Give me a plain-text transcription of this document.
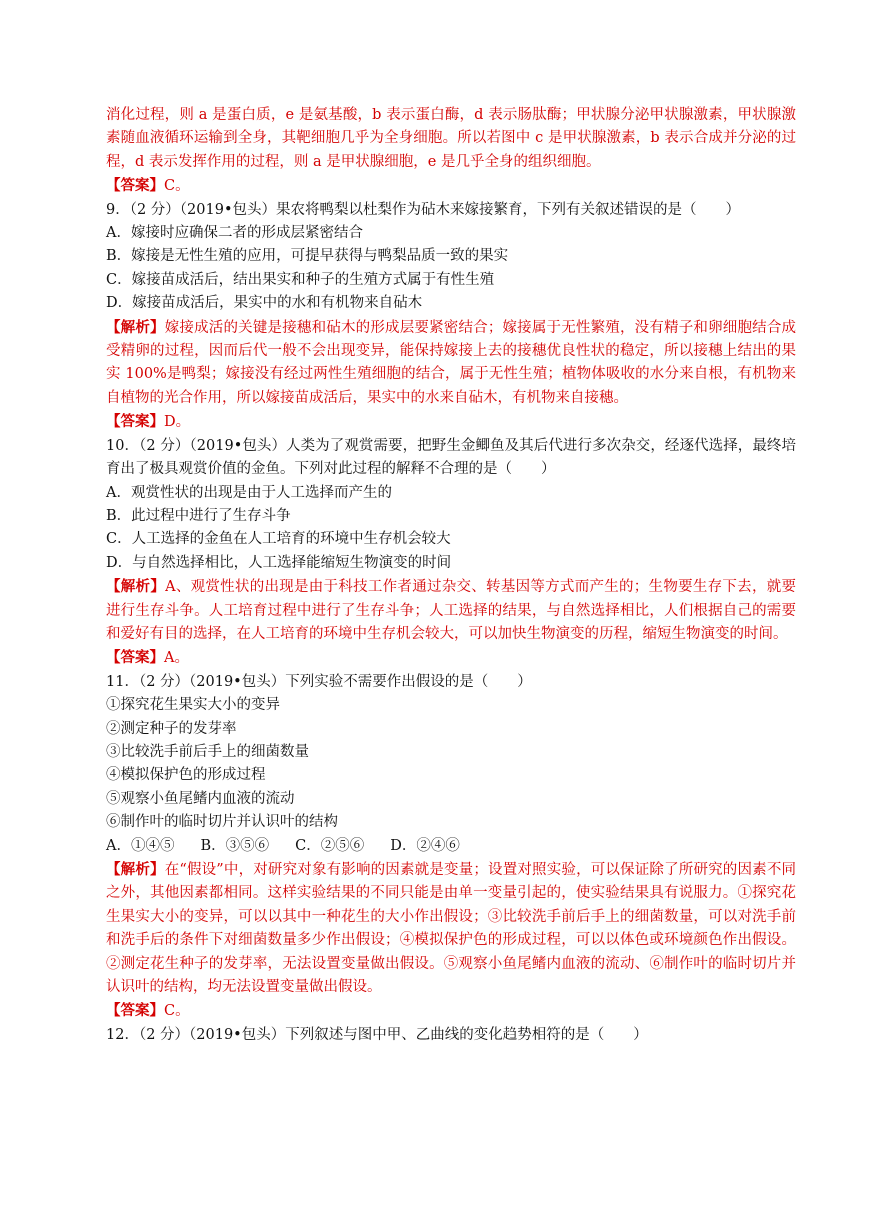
消化过程，则 a 是蛋白质，e 是氨基酸，b 表示蛋白酶，d 表示肠肽酶；甲状腺分泌甲状腺激素，甲状腺激素随血液循环运输到全身，其靶细胞几乎为全身细胞。所以若图中 c 是甲状腺激素，b 表示合成并分泌的过程，d 表示发挥作用的过程，则 a 是甲状腺细胞，e 是几乎全身的组织细胞。

【答案】C。

9．（2 分）（2019•包头）果农将鸭梨以杜梨作为砧木来嫁接繁育，下列有关叙述错误的是（　　）

A．嫁接时应确保二者的形成层紧密结合

B．嫁接是无性生殖的应用，可提早获得与鸭梨品质一致的果实

C．嫁接苗成活后，结出果实和种子的生殖方式属于有性生殖

D．嫁接苗成活后，果实中的水和有机物来自砧木

【解析】嫁接成活的关键是接穗和砧木的形成层要紧密结合；嫁接属于无性繁殖，没有精子和卵细胞结合成受精卵的过程，因而后代一般不会出现变异，能保持嫁接上去的接穗优良性状的稳定，所以接穗上结出的果实 100%是鸭梨；嫁接没有经过两性生殖细胞的结合，属于无性生殖；植物体吸收的水分来自根，有机物来自植物的光合作用，所以嫁接苗成活后，果实中的水来自砧木，有机物来自接穗。

【答案】D。

10．（2 分）（2019•包头）人类为了观赏需要，把野生金鲫鱼及其后代进行多次杂交，经逐代选择，最终培育出了极具观赏价值的金鱼。下列对此过程的解释不合理的是（　　）

A．观赏性状的出现是由于人工选择而产生的

B．此过程中进行了生存斗争

C．人工选择的金鱼在人工培育的环境中生存机会较大

D．与自然选择相比，人工选择能缩短生物演变的时间

【解析】A、观赏性状的出现是由于科技工作者通过杂交、转基因等方式而产生的；生物要生存下去，就要进行生存斗争。人工培育过程中进行了生存斗争；人工选择的结果，与自然选择相比，人们根据自己的需要和爱好有目的选择，在人工培育的环境中生存机会较大，可以加快生物演变的历程，缩短生物演变的时间。

【答案】A。

11．（2 分）（2019•包头）下列实验不需要作出假设的是（　　）

①探究花生果实大小的变异

②测定种子的发芽率

③比较洗手前后手上的细菌数量

④模拟保护色的形成过程

⑤观察小鱼尾鳍内血液的流动

⑥制作叶的临时切片并认识叶的结构

A．①④⑤ B．③⑤⑥ C．②⑤⑥ D．②④⑥

【解析】在“假设”中，对研究对象有影响的因素就是变量；设置对照实验，可以保证除了所研究的因素不同之外，其他因素都相同。这样实验结果的不同只能是由单一变量引起的，使实验结果具有说服力。①探究花生果实大小的变异，可以以其中一种花生的大小作出假设；③比较洗手前后手上的细菌数量，可以对洗手前和洗手后的条件下对细菌数量多少作出假设；④模拟保护色的形成过程，可以以体色或环境颜色作出假设。②测定花生种子的发芽率，无法设置变量做出假设。⑤观察小鱼尾鳍内血液的流动、⑥制作叶的临时切片并认识叶的结构，均无法设置变量做出假设。

【答案】C。

12．（2 分）（2019•包头）下列叙述与图中甲、乙曲线的变化趋势相符的是（　　）
